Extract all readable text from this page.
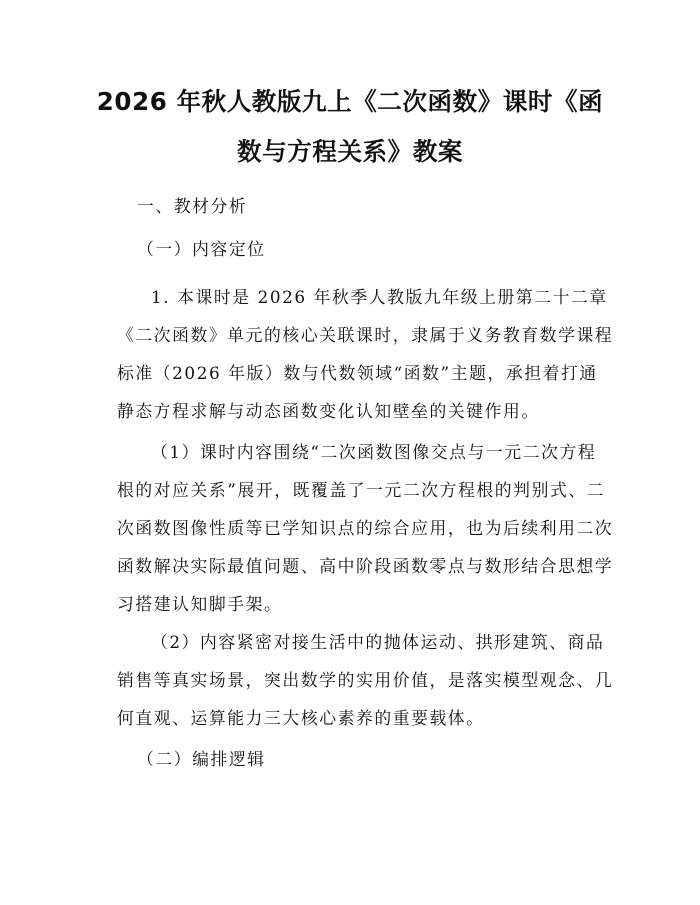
2026 年秋人教版九上《二次函数》课时《函
数与方程关系》教案

一、教材分析

（一）内容定位

1. 本课时是 2026 年秋季人教版九年级上册第二十二章
《二次函数》单元的核心关联课时，隶属于义务教育数学课程
标准（2026 年版）数与代数领域“函数”主题，承担着打通
静态方程求解与动态函数变化认知壁垒的关键作用。
（1）课时内容围绕“二次函数图像交点与一元二次方程
根的对应关系”展开，既覆盖了一元二次方程根的判别式、二
次函数图像性质等已学知识点的综合应用，也为后续利用二次
函数解决实际最值问题、高中阶段函数零点与数形结合思想学
习搭建认知脚手架。
（2）内容紧密对接生活中的抛体运动、拱形建筑、商品
销售等真实场景，突出数学的实用价值，是落实模型观念、几
何直观、运算能力三大核心素养的重要载体。

（二）编排逻辑
